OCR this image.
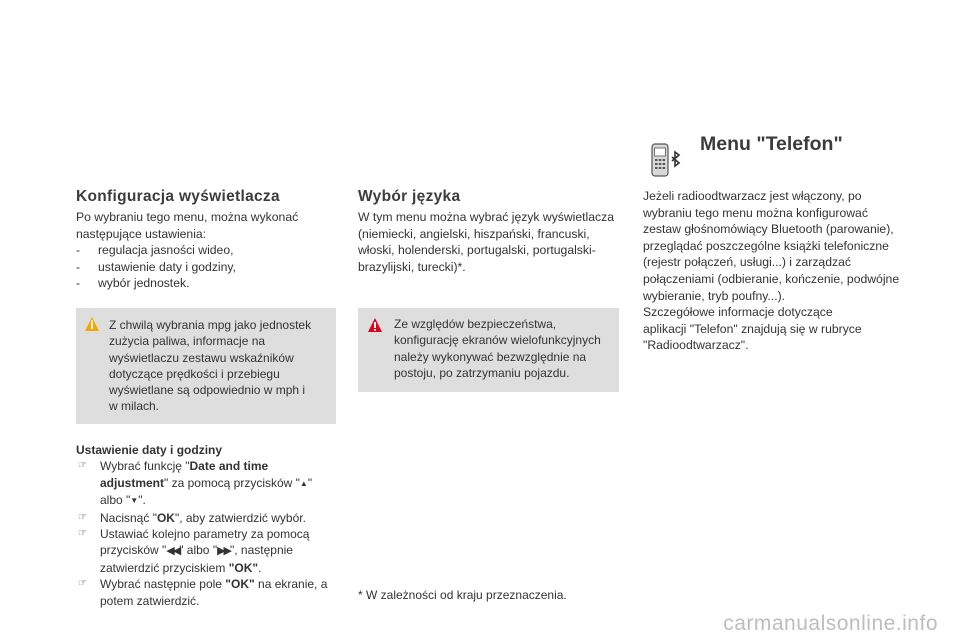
Konfiguracja wyświetlacza
Po wybraniu tego menu, można wykonać
następujące ustawienia:
- regulacja jasności wideo,
- ustawienie daty i godziny,
- wybór jednostek.
Z chwilą wybrania mpg jako jednostek
zużycia paliwa, informacje na
wyświetlaczu zestawu wskaźników
dotyczące prędkości i przebiegu
wyświetlane są odpowiednio w mph i
w milach.
Ustawienie daty i godziny
☞ Wybrać funkcję "Date and time
adjustment" za pomocą przycisków "▲"
albo "▼".
☞ Nacisnąć "OK", aby zatwierdzić wybór.
☞ Ustawiać kolejno parametry za pomocą
przycisków "◀◀" albo "▶▶", następnie
zatwierdzić przyciskiem "OK".
☞ Wybrać następnie pole "OK" na ekranie, a
potem zatwierdzić.
Wybór języka
W tym menu można wybrać język wyświetlacza
(niemiecki, angielski, hiszpański, francuski,
włoski, holenderski, portugalski, portugalski-
brazylijski, turecki)*.
Ze względów bezpieczeństwa,
konfigurację ekranów wielofunkcyjnych
należy wykonywać bezwzględnie na
postoju, po zatrzymaniu pojazdu.
* W zależności od kraju przeznaczenia.
Menu "Telefon"
Jeżeli radioodtwarzacz jest włączony, po
wybraniu tego menu można konfigurować
zestaw głośnomówiący Bluetooth (parowanie),
przeglądać poszczególne książki telefoniczne
(rejestr połączeń, usługi...) i zarządzać
połączeniami (odbieranie, kończenie, podwójne
wybieranie, tryb poufny...).
Szczegółowe informacje dotyczące
aplikacji "Telefon" znajdują się w rubryce
"Radioodtwarzacz".
carmanualsonline.info
